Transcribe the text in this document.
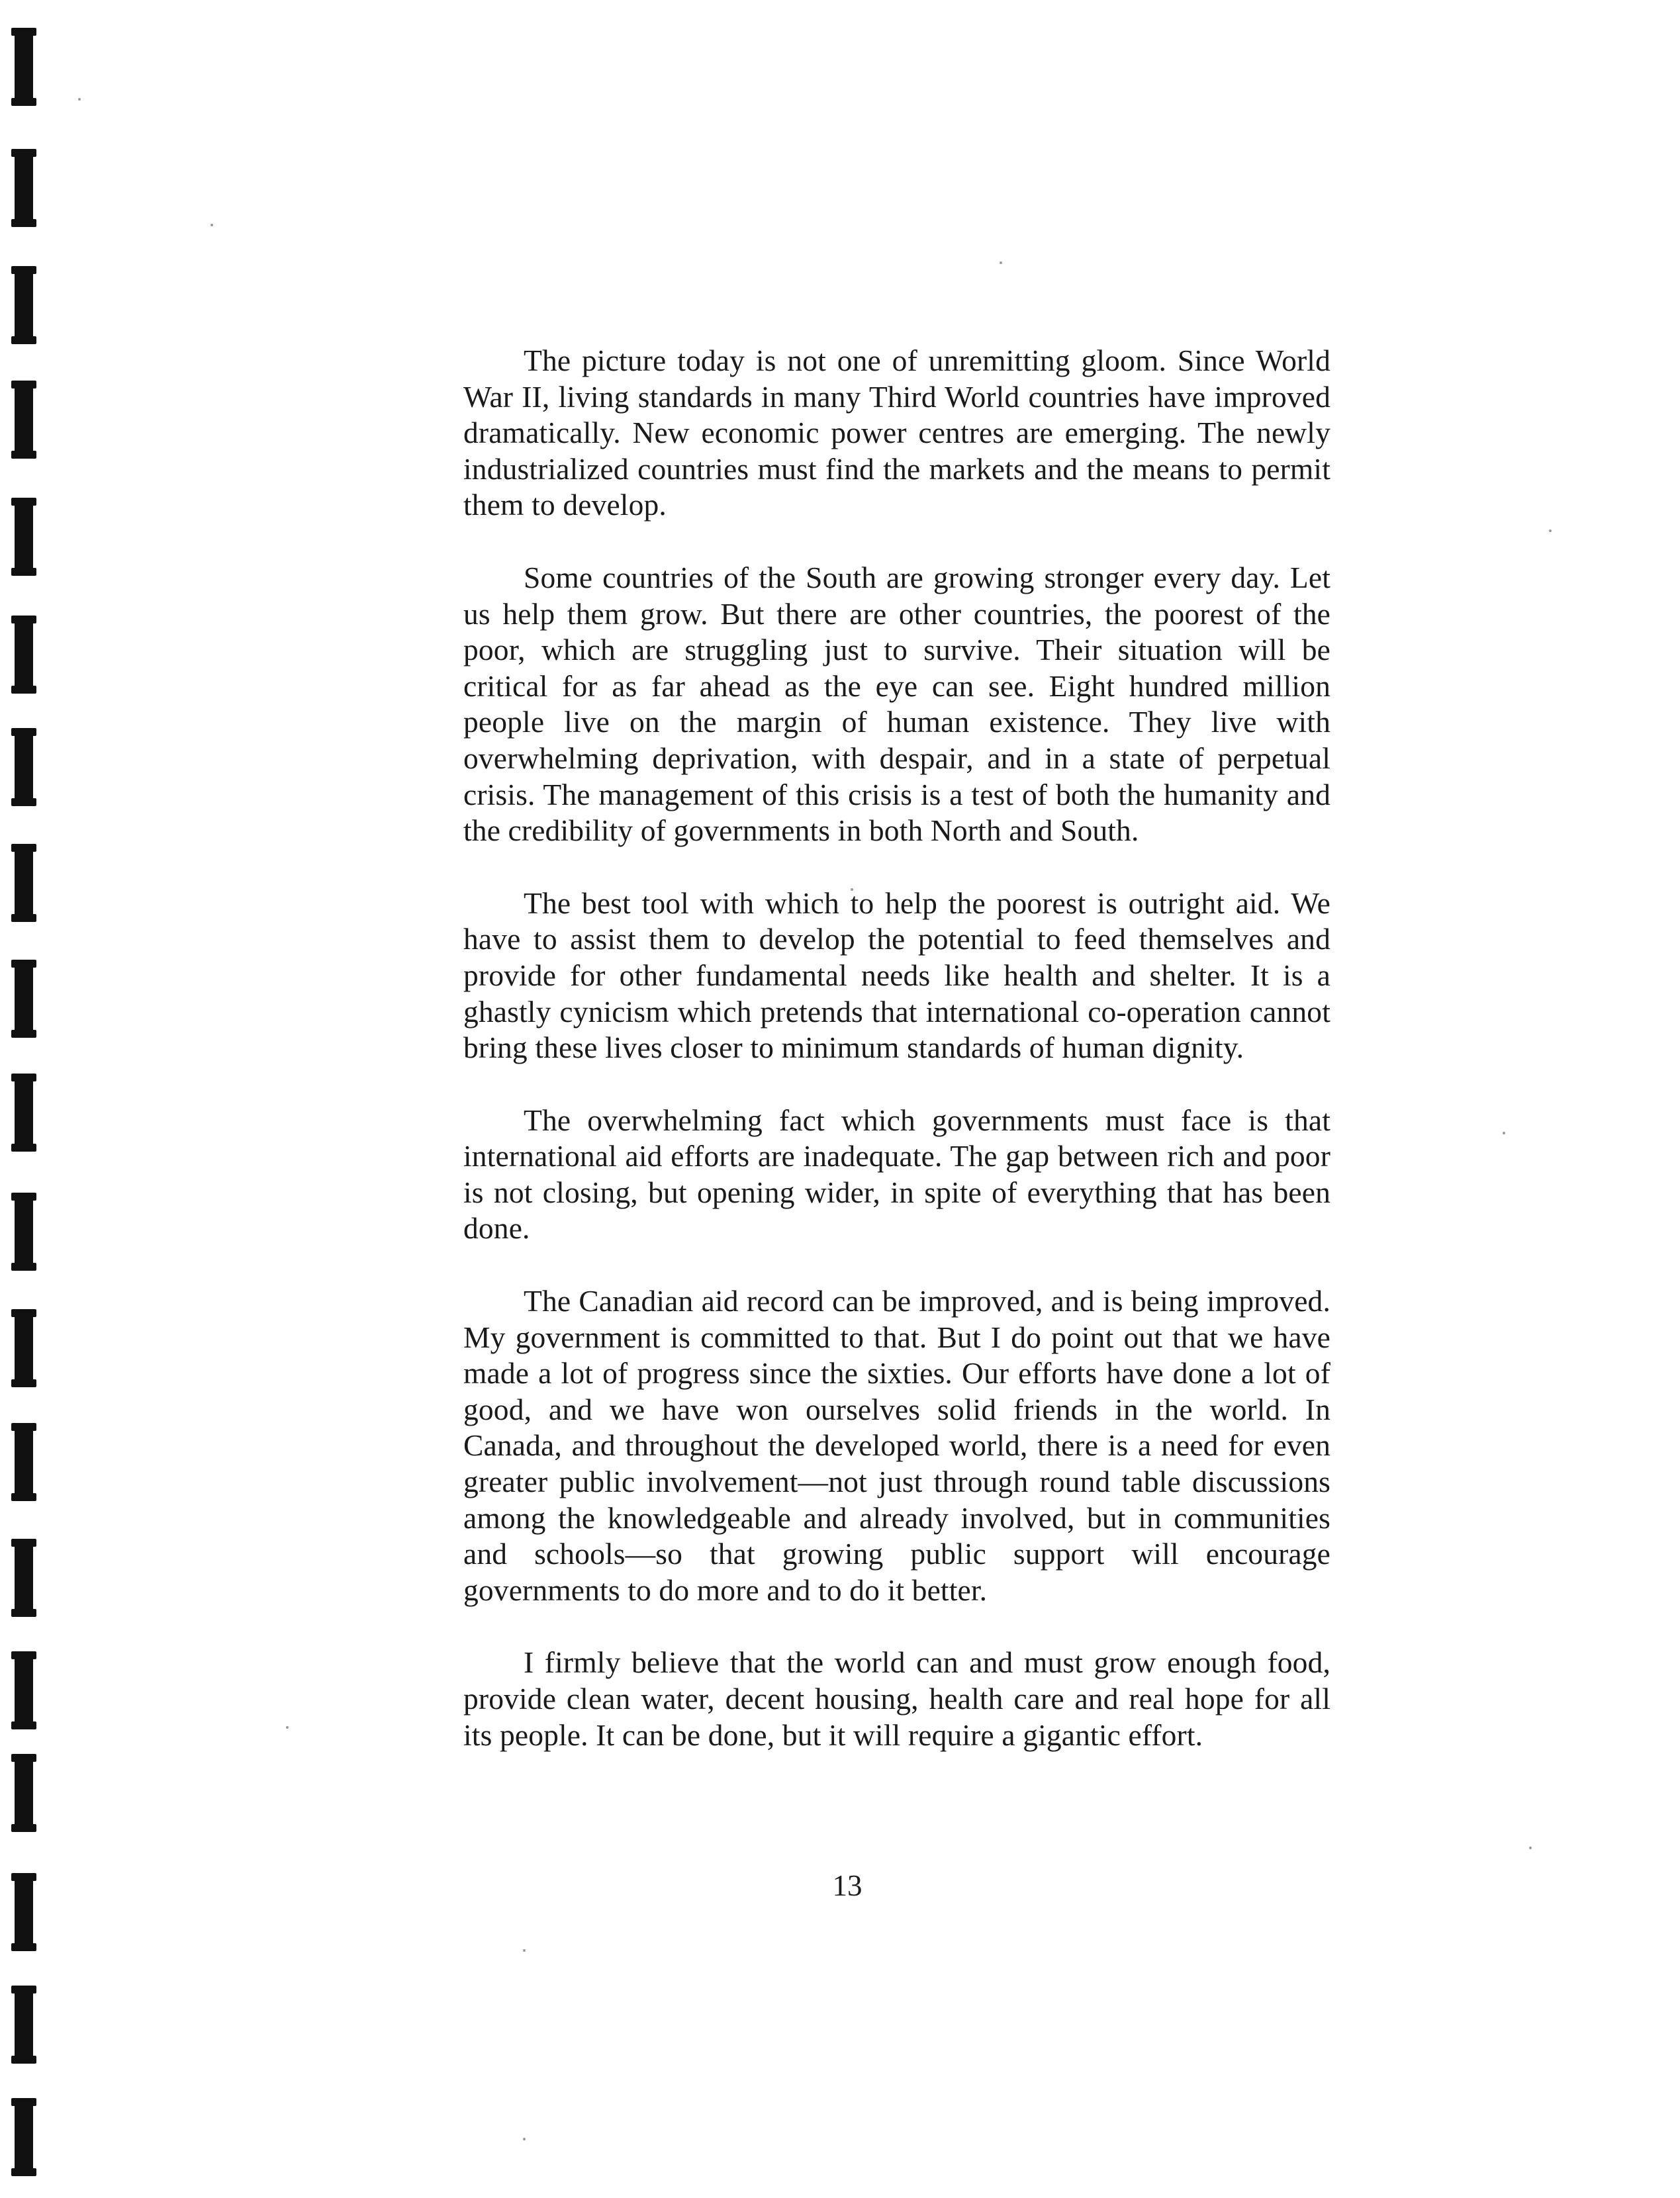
The picture today is not one of unremitting gloom. Since World War II, living standards in many Third World countries have improved dramatically. New economic power centres are emerging. The newly industrialized countries must find the markets and the means to permit them to develop.

Some countries of the South are growing stronger every day. Let us help them grow. But there are other countries, the poorest of the poor, which are struggling just to survive. Their situation will be critical for as far ahead as the eye can see. Eight hundred million people live on the margin of human existence. They live with overwhelming deprivation, with despair, and in a state of perpetual crisis. The management of this crisis is a test of both the humanity and the credibility of governments in both North and South.

The best tool with which to help the poorest is outright aid. We have to assist them to develop the potential to feed themselves and provide for other fundamental needs like health and shelter. It is a ghastly cynicism which pretends that international co-operation cannot bring these lives closer to minimum standards of human dignity.

The overwhelming fact which governments must face is that international aid efforts are inadequate. The gap between rich and poor is not closing, but opening wider, in spite of everything that has been done.

The Canadian aid record can be improved, and is being improved. My government is committed to that. But I do point out that we have made a lot of progress since the sixties. Our efforts have done a lot of good, and we have won ourselves solid friends in the world. In Canada, and throughout the developed world, there is a need for even greater public involvement—not just through round table discussions among the knowledgeable and already involved, but in communities and schools—so that growing public support will encourage governments to do more and to do it better.

I firmly believe that the world can and must grow enough food, provide clean water, decent housing, health care and real hope for all its people. It can be done, but it will require a gigantic effort.

13
